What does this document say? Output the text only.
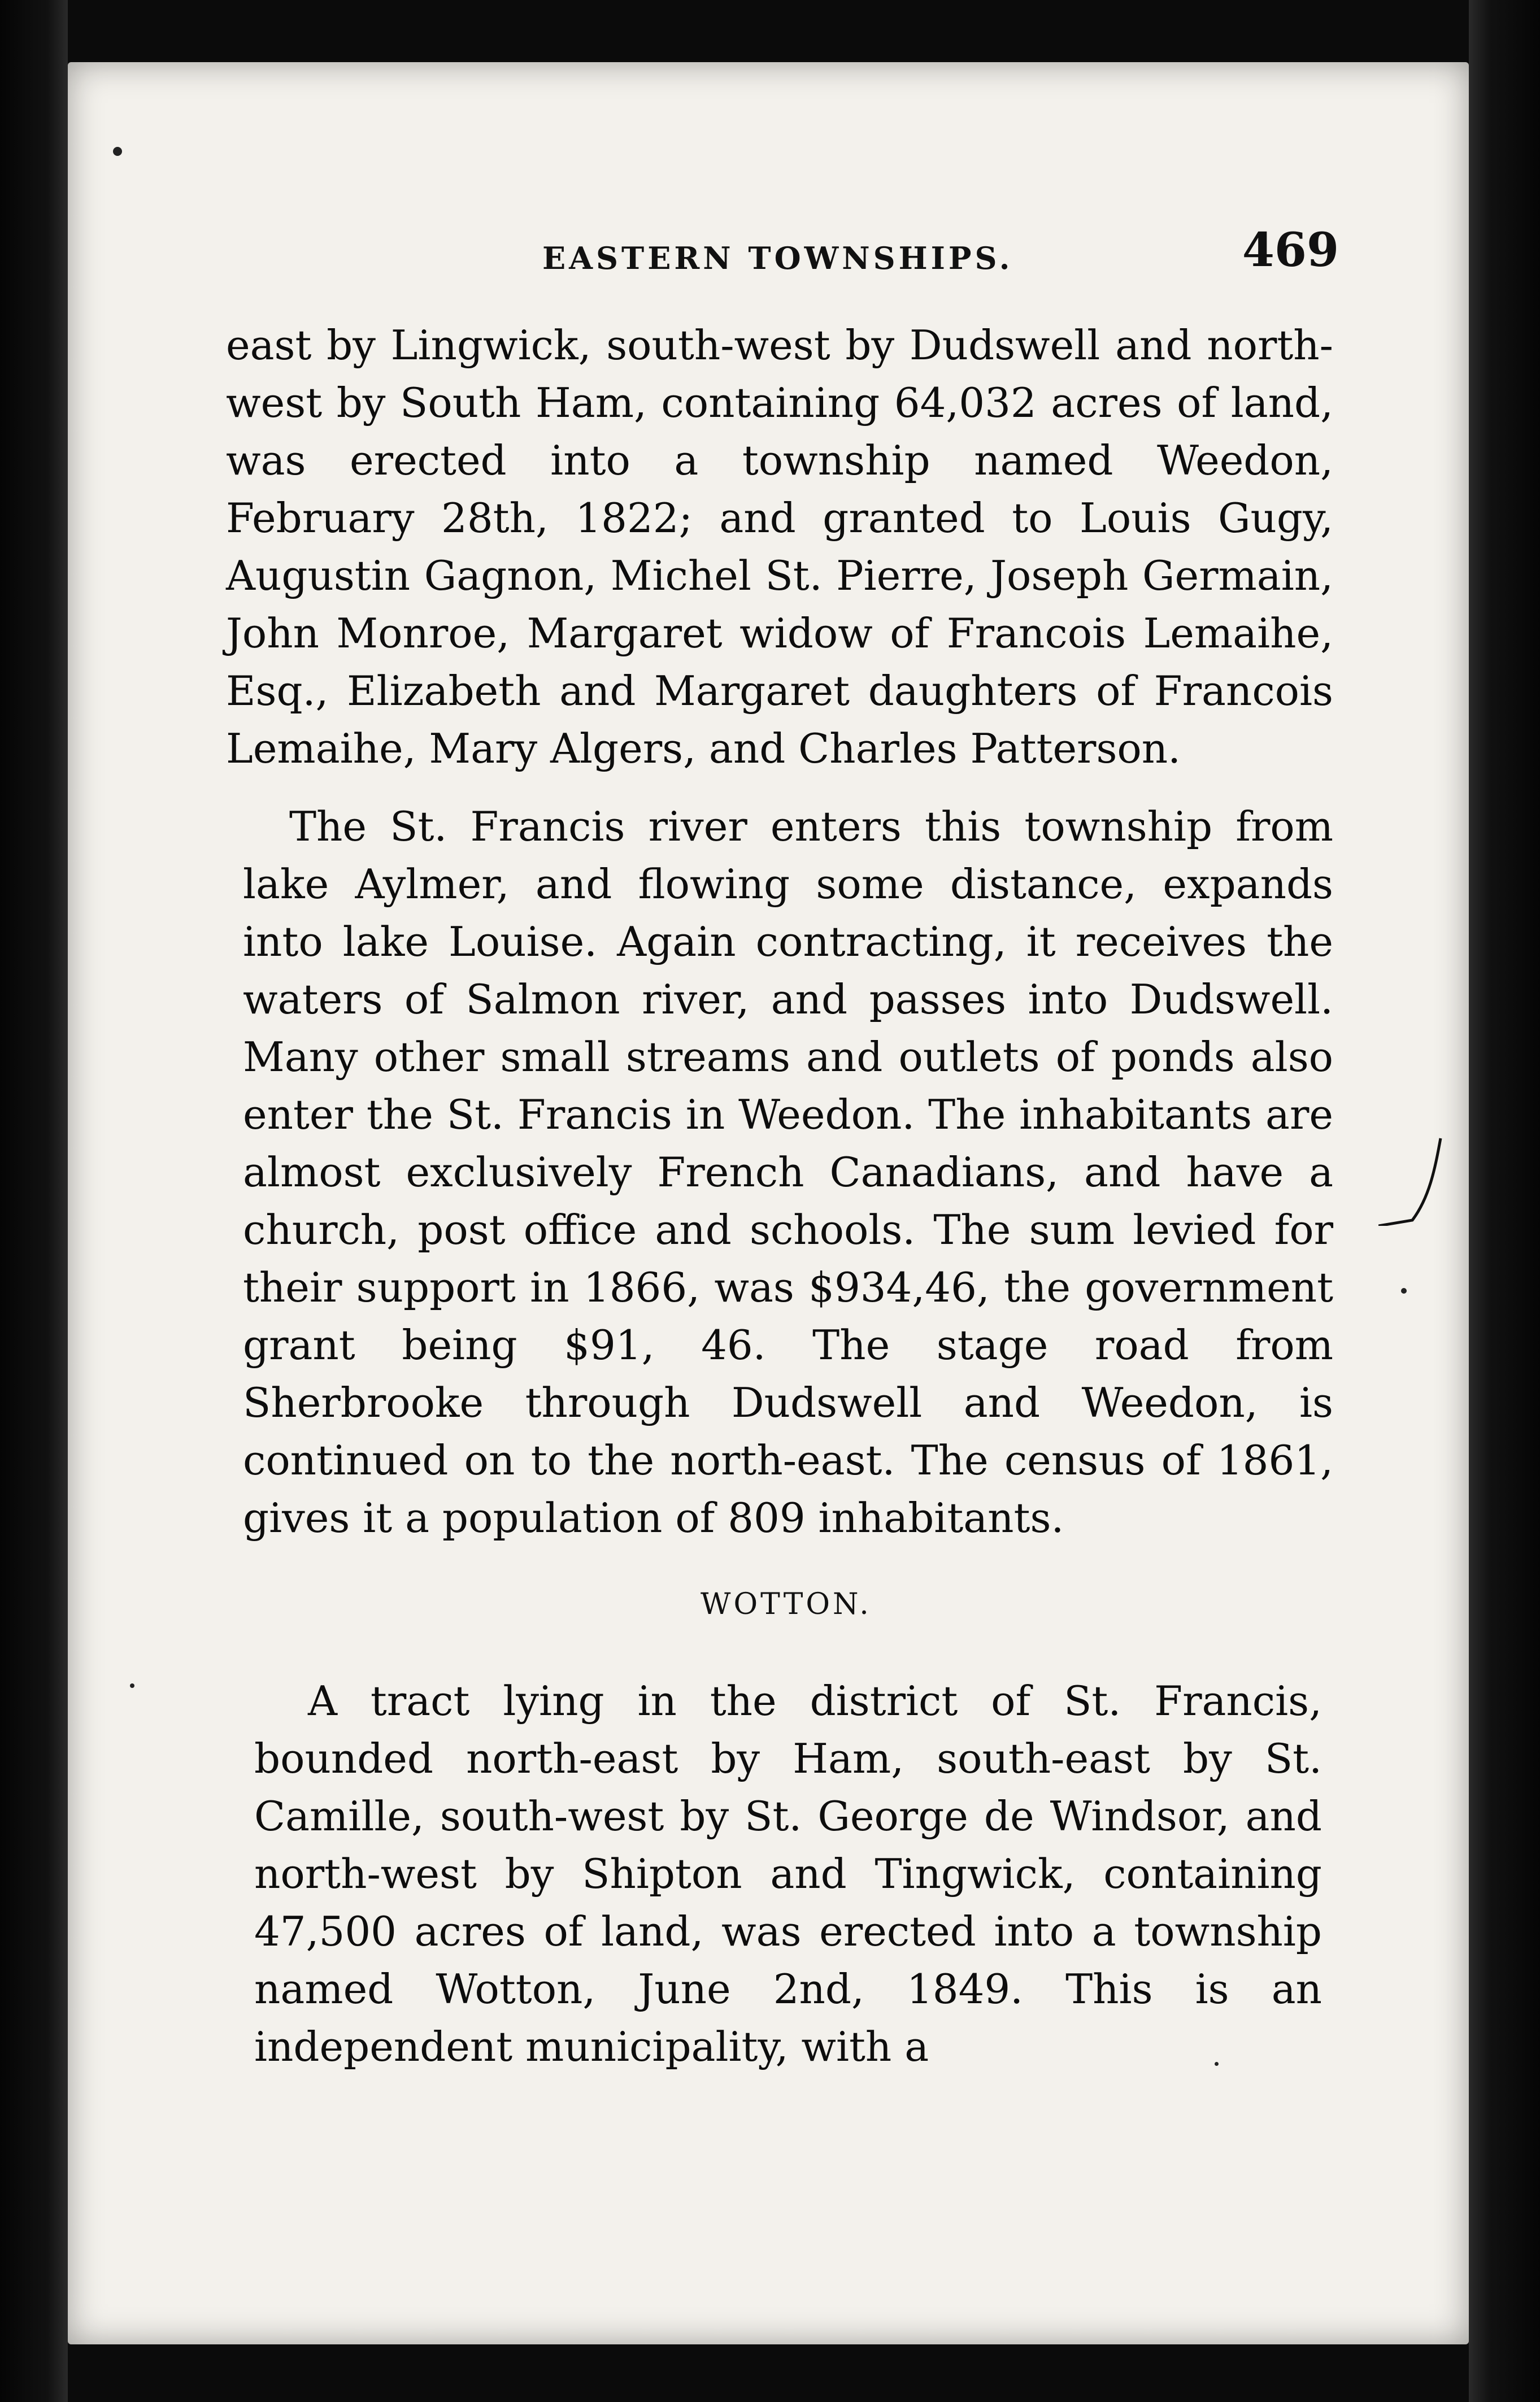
EASTERN TOWNSHIPS.	469

east by Lingwick, south-west by Dudswell and north-west by South Ham, containing 64,032 acres of land, was erected into a township named Weedon, February 28th, 1822; and granted to Louis Gugy, Augustin Gagnon, Michel St. Pierre, Joseph Germain, John Monroe, Margaret widow of Francois Lemaihe, Esq., Elizabeth and Margaret daughters of Francois Lemaihe, Mary Algers, and Charles Patterson.

The St. Francis river enters this township from lake Aylmer, and flowing some distance, expands into lake Louise. Again contracting, it receives the waters of Salmon river, and passes into Dudswell. Many other small streams and outlets of ponds also enter the St. Francis in Weedon. The inhabitants are almost exclusively French Canadians, and have a church, post office and schools. The sum levied for their support in 1866, was $934,46, the government grant being $91, 46. The stage road from Sherbrooke through Dudswell and Weedon, is continued on to the north-east. The census of 1861, gives it a population of 809 inhabitants.

WOTTON.

A tract lying in the district of St. Francis, bounded north-east by Ham, south-east by St. Camille, south-west by St. George de Windsor, and north-west by Shipton and Tingwick, containing 47,500 acres of land, was erected into a township named Wotton, June 2nd, 1849. This is an independent municipality, with a
